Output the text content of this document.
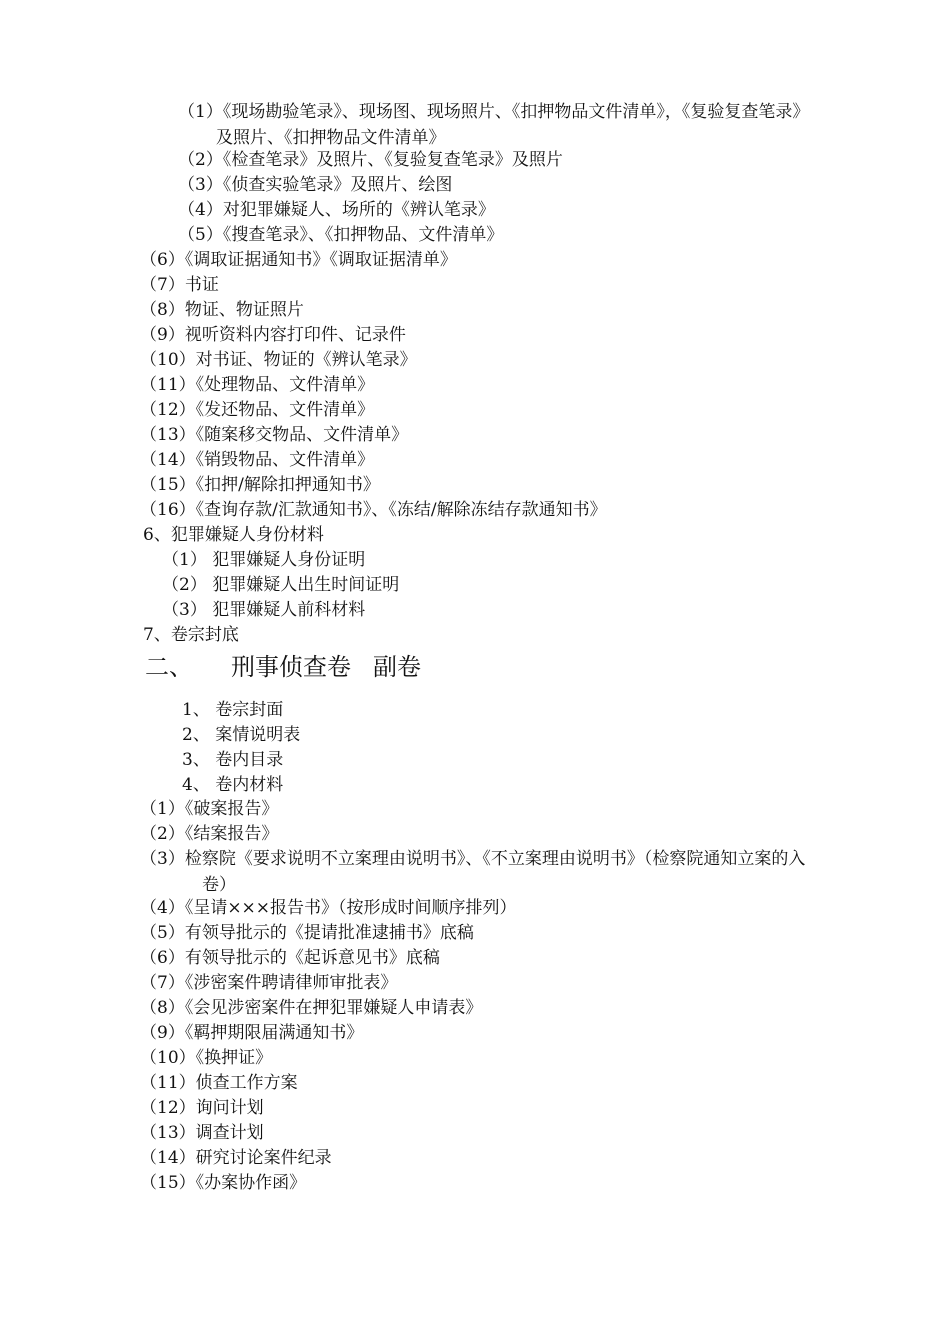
（1）《现场勘验笔录》、现场图、现场照片、《扣押物品文件清单》，《复验复查笔录》及照片、《扣押物品文件清单》
（2）《检查笔录》及照片、《复验复查笔录》及照片
（3）《侦查实验笔录》及照片、绘图
（4）对犯罪嫌疑人、场所的《辨认笔录》
（5）《搜查笔录》、《扣押物品、文件清单》
（6）《调取证据通知书》《调取证据清单》
（7）书证
（8）物证、物证照片
（9）视听资料内容打印件、记录件
（10）对书证、物证的《辨认笔录》
（11）《处理物品、文件清单》
（12）《发还物品、文件清单》
（13）《随案移交物品、文件清单》
（14）《销毁物品、文件清单》
（15）《扣押/解除扣押通知书》
（16）《查询存款/汇款通知书》、《冻结/解除冻结存款通知书》
6、犯罪嫌疑人身份材料
（1） 犯罪嫌疑人身份证明
（2） 犯罪嫌疑人出生时间证明
（3） 犯罪嫌疑人前科材料
7、卷宗封底
二、 刑事侦查卷 副卷
1、 卷宗封面
2、 案情说明表
3、 卷内目录
4、 卷内材料
（1）《破案报告》
（2）《结案报告》
（3）检察院《要求说明不立案理由说明书》、《不立案理由说明书》（检察院通知立案的入卷）
（4）《呈请×××报告书》（按形成时间顺序排列）
（5）有领导批示的《提请批准逮捕书》底稿
（6）有领导批示的《起诉意见书》底稿
（7）《涉密案件聘请律师审批表》
（8）《会见涉密案件在押犯罪嫌疑人申请表》
（9）《羁押期限届满通知书》
（10）《换押证》
（11）侦查工作方案
（12）询问计划
（13）调查计划
（14）研究讨论案件纪录
（15）《办案协作函》
